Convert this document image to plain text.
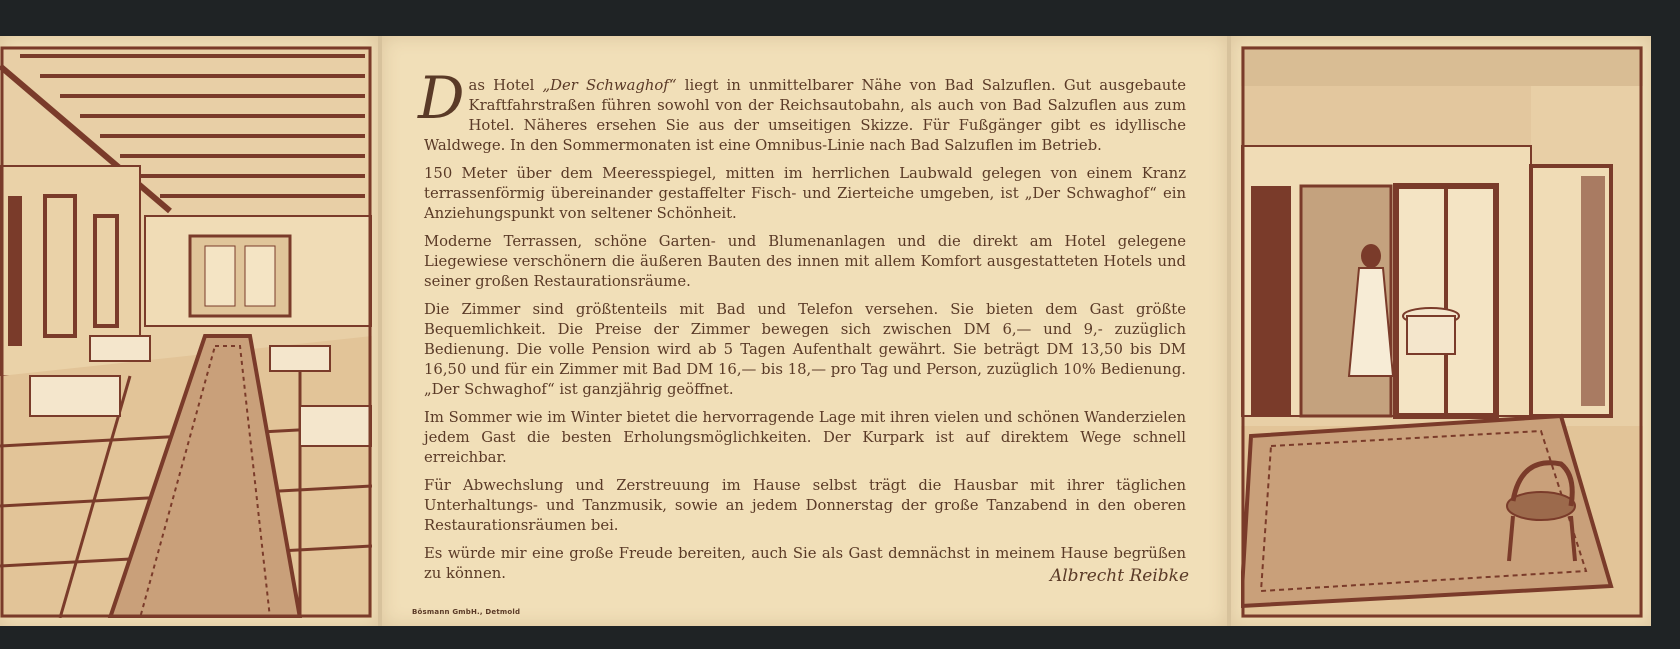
Das Hotel „Der Schwaghof“ liegt in unmittelbarer Nähe von Bad Salzuflen. Gut ausgebaute Kraftfahrstraßen führen sowohl von der Reichsautobahn, als auch von Bad Salzuflen aus zum Hotel. Näheres ersehen Sie aus der umseitigen Skizze. Für Fußgänger gibt es idyllische Waldwege. In den Sommermonaten ist eine Omnibus-Linie nach Bad Salzuflen im Betrieb.

150 Meter über dem Meeresspiegel, mitten im herrlichen Laubwald gelegen von einem Kranz terrassenförmig übereinander gestaffelter Fisch- und Zierteiche umgeben, ist „Der Schwaghof“ ein Anziehungspunkt von seltener Schönheit.

Moderne Terrassen, schöne Garten- und Blumenanlagen und die direkt am Hotel gelegene Liegewiese verschönern die äußeren Bauten des innen mit allem Komfort ausgestatteten Hotels und seiner großen Restaurationsräume.

Die Zimmer sind größtenteils mit Bad und Telefon versehen. Sie bieten dem Gast größte Bequemlichkeit. Die Preise der Zimmer bewegen sich zwischen DM 6,— und 9,- zuzüglich Bedienung. Die volle Pension wird ab 5 Tagen Aufenthalt gewährt. Sie beträgt DM 13,50 bis DM 16,50 und für ein Zimmer mit Bad DM 16,— bis 18,— pro Tag und Person, zuzüglich 10% Bedienung. „Der Schwaghof“ ist ganzjährig geöffnet.

Im Sommer wie im Winter bietet die hervorragende Lage mit ihren vielen und schönen Wanderzielen jedem Gast die besten Erholungsmöglichkeiten. Der Kurpark ist auf direktem Wege schnell erreichbar.

Für Abwechslung und Zerstreuung im Hause selbst trägt die Hausbar mit ihrer täglichen Unterhaltungs- und Tanzmusik, sowie an jedem Donnerstag der große Tanzabend in den oberen Restaurationsräumen bei.

Es würde mir eine große Freude bereiten, auch Sie als Gast demnächst in meinem Hause begrüßen zu können.	Albrecht Reibke
Bösmann GmbH., Detmold
